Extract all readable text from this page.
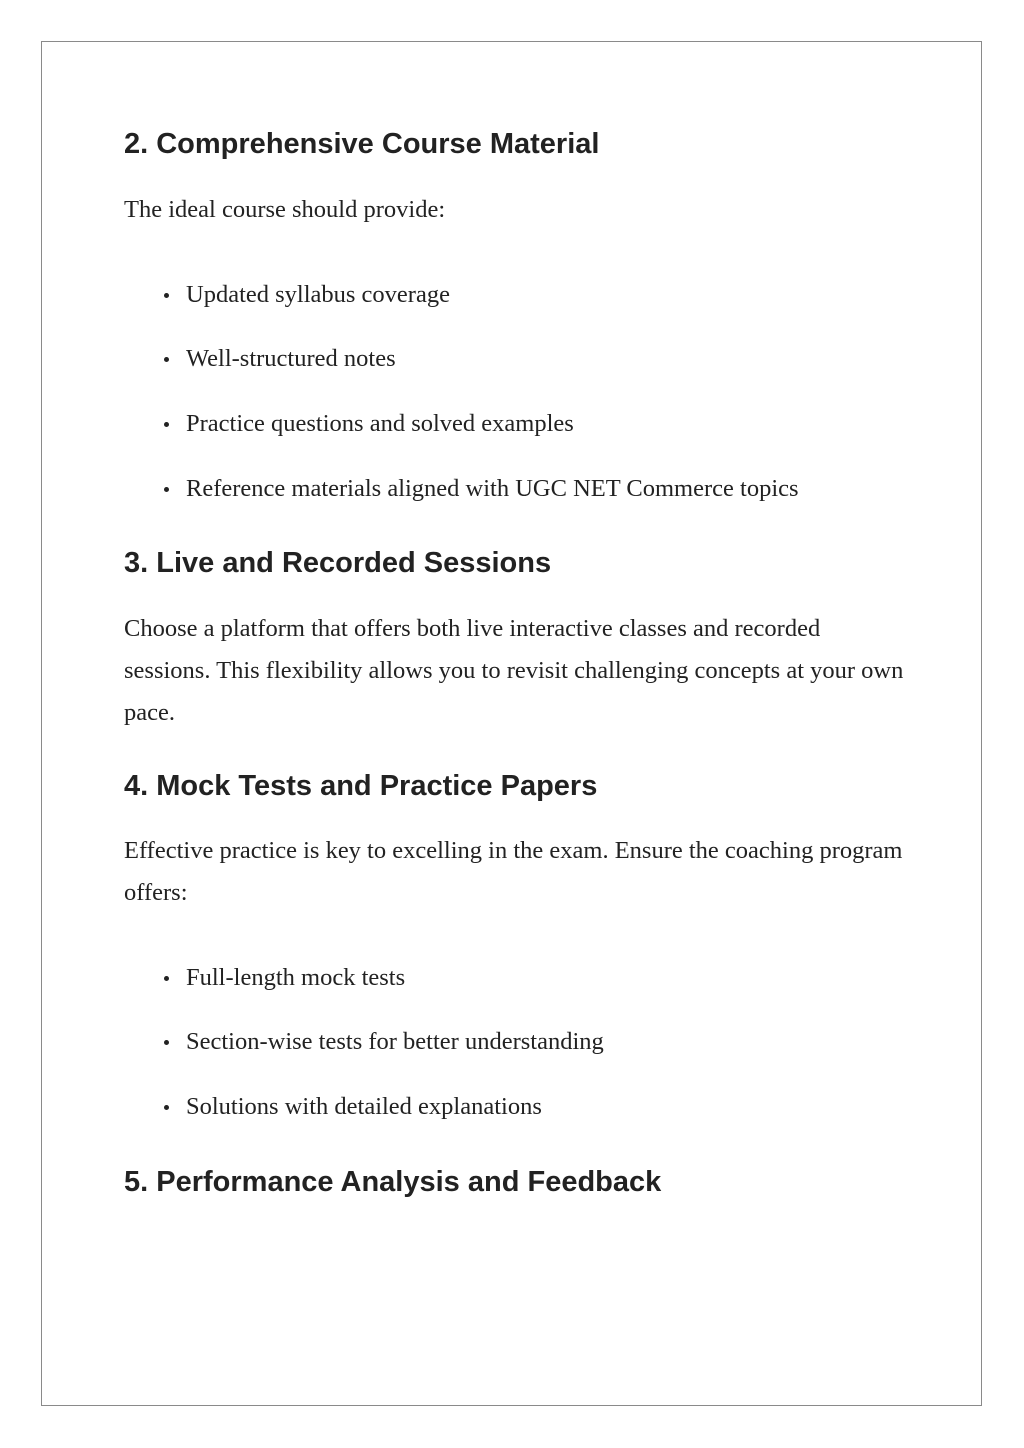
2. Comprehensive Course Material

The ideal course should provide:

Updated syllabus coverage
Well-structured notes
Practice questions and solved examples
Reference materials aligned with UGC NET Commerce topics
3. Live and Recorded Sessions

Choose a platform that offers both live interactive classes and recorded sessions. This flexibility allows you to revisit challenging concepts at your own pace.

4. Mock Tests and Practice Papers

Effective practice is key to excelling in the exam. Ensure the coaching program offers:

Full-length mock tests
Section-wise tests for better understanding
Solutions with detailed explanations
5. Performance Analysis and Feedback
